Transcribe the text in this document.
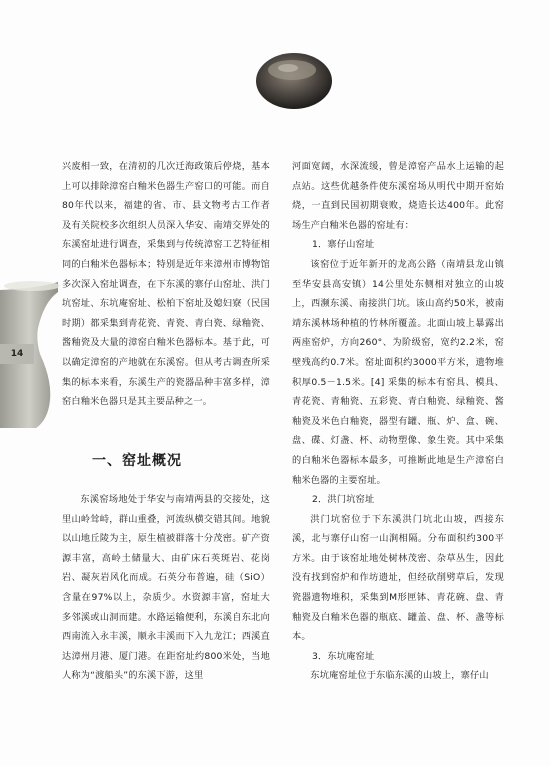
14

兴废相一致，在清初的几次迁海政策后停烧，基本上可以排除漳窑白釉米色器生产窑口的可能。而自80年代以来，福建的省、市、县文物考古工作者及有关院校多次组织人员深入华安、南靖交界处的东溪窑址进行调查，采集到与传统漳窑工艺特征相同的白釉米色器标本；特别是近年来漳州市博物馆多次深入窑址调查，在下东溪的寨仔山窑址、洪门坑窑址、东坑庵窑址、松柏下窑址及媳妇寮（民国时期）都采集到青花瓷、青瓷、青白瓷、绿釉瓷、酱釉瓷及大量的漳窑白釉米色器标本。基于此，可以确定漳窑的产地就在东溪窑。但从考古调查所采集的标本来看，东溪生产的瓷器品种丰富多样，漳窑白釉米色器只是其主要品种之一。

一、窑址概况

东溪窑场地处于华安与南靖两县的交接处，这里山岭耸峙，群山重叠，河流纵横交错其间。地貌以山地丘陵为主，原生植被群落十分茂密。矿产资源丰富，高岭土储量大、由矿床石英斑岩、花岗岩、凝灰岩风化而成。石英分布普遍，硅（SiO）含量在97%以上，杂质少。水资源丰富，窑址大多邻溪或山洞而建。水路运输便利，东溪自东北向西南流入永丰溪，顺永丰溪而下入九龙江；西溪直达漳州月港、厦门港。在距窑址约800米处，当地人称为“渡船头”的东溪下游，这里

河面宽阔，水深流缓，曾是漳窑产品水上运输的起点站。这些优越条件使东溪窑场从明代中期开窑始烧，一直到民国初期衰败，烧造长达400年。此窑场生产白釉米色器的窑址有：

1．寨仔山窑址

该窑位于近年新开的龙高公路（南靖县龙山镇至华安县高安镇）14公里处东侧相对独立的山坡上，西濒东溪、南接洪门坑。该山高约50米，被南靖东溪林场种植的竹林所覆盖。北面山坡上暴露出两座窑炉，方向260°、为阶级窑，宽约2.2米，窑壁残高约0.7米。窑址面积约3000平方米，遗物堆积厚0.5－1.5米。[4] 采集的标本有窑具、模具、青花瓷、青釉瓷、五彩瓷、青白釉瓷、绿釉瓷、酱釉瓷及米色白釉瓷，器型有罐、瓶、炉、盒、碗、盘、碟、灯盏、杯、动物塑像、象生瓷。其中采集的白釉米色器标本最多，可推断此地是生产漳窑白釉米色器的主要窑址。

2．洪门坑窑址

洪门坑窑位于下东溪洪门坑北山坡，西接东溪，北与寨仔山窑一山涧相隔。分布面积约300平方米。由于该窑址地处树林茂密、杂草丛生，因此没有找到窑炉和作坊遗址，但经砍削劈草后，发现瓷器遗物堆积，采集到M形匣钵、青花碗、盘、青釉瓷及白釉米色器的瓶底、罐盖、盘、杯、盏等标本。

3．东坑庵窑址

东坑庵窑址位于东临东溪的山坡上，寨仔山
